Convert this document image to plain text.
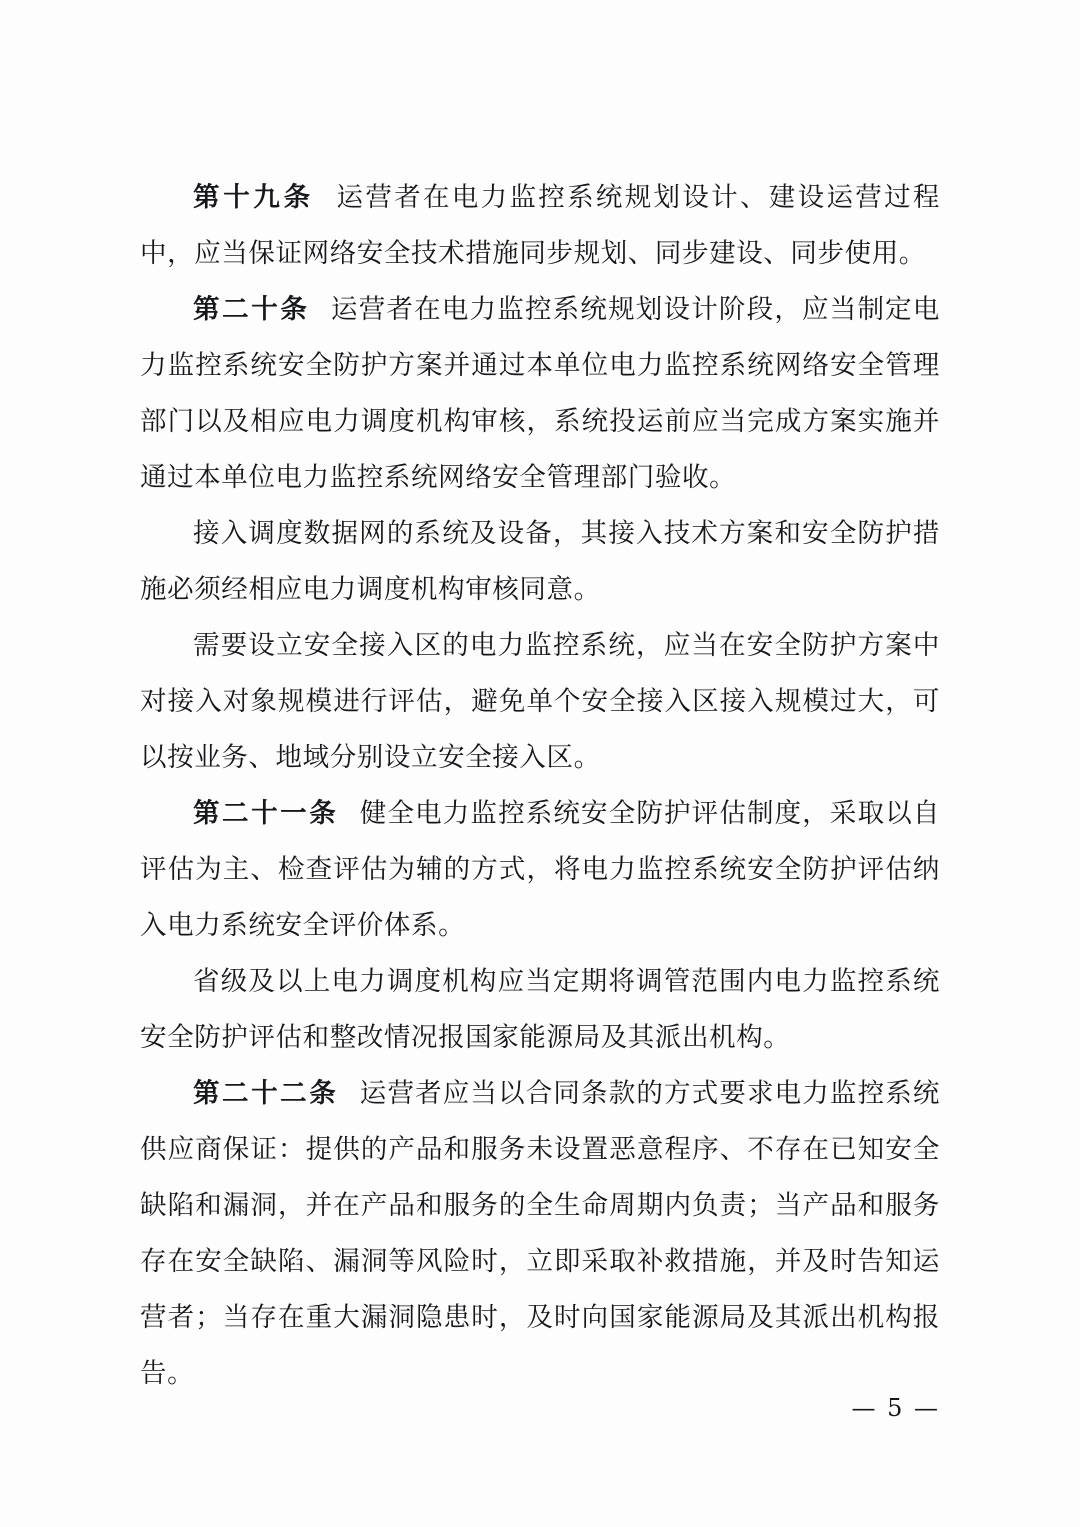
第十九条 运营者在电力监控系统规划设计、建设运营过程中，应当保证网络安全技术措施同步规划、同步建设、同步使用。

第二十条 运营者在电力监控系统规划设计阶段，应当制定电力监控系统安全防护方案并通过本单位电力监控系统网络安全管理部门以及相应电力调度机构审核，系统投运前应当完成方案实施并通过本单位电力监控系统网络安全管理部门验收。

接入调度数据网的系统及设备，其接入技术方案和安全防护措施必须经相应电力调度机构审核同意。

需要设立安全接入区的电力监控系统，应当在安全防护方案中对接入对象规模进行评估，避免单个安全接入区接入规模过大，可以按业务、地域分别设立安全接入区。

第二十一条 健全电力监控系统安全防护评估制度，采取以自评估为主、检查评估为辅的方式，将电力监控系统安全防护评估纳入电力系统安全评价体系。

省级及以上电力调度机构应当定期将调管范围内电力监控系统安全防护评估和整改情况报国家能源局及其派出机构。

第二十二条 运营者应当以合同条款的方式要求电力监控系统供应商保证：提供的产品和服务未设置恶意程序、不存在已知安全缺陷和漏洞，并在产品和服务的全生命周期内负责；当产品和服务存在安全缺陷、漏洞等风险时，立即采取补救措施，并及时告知运营者；当存在重大漏洞隐患时，及时向国家能源局及其派出机构报告。

— 5 —
